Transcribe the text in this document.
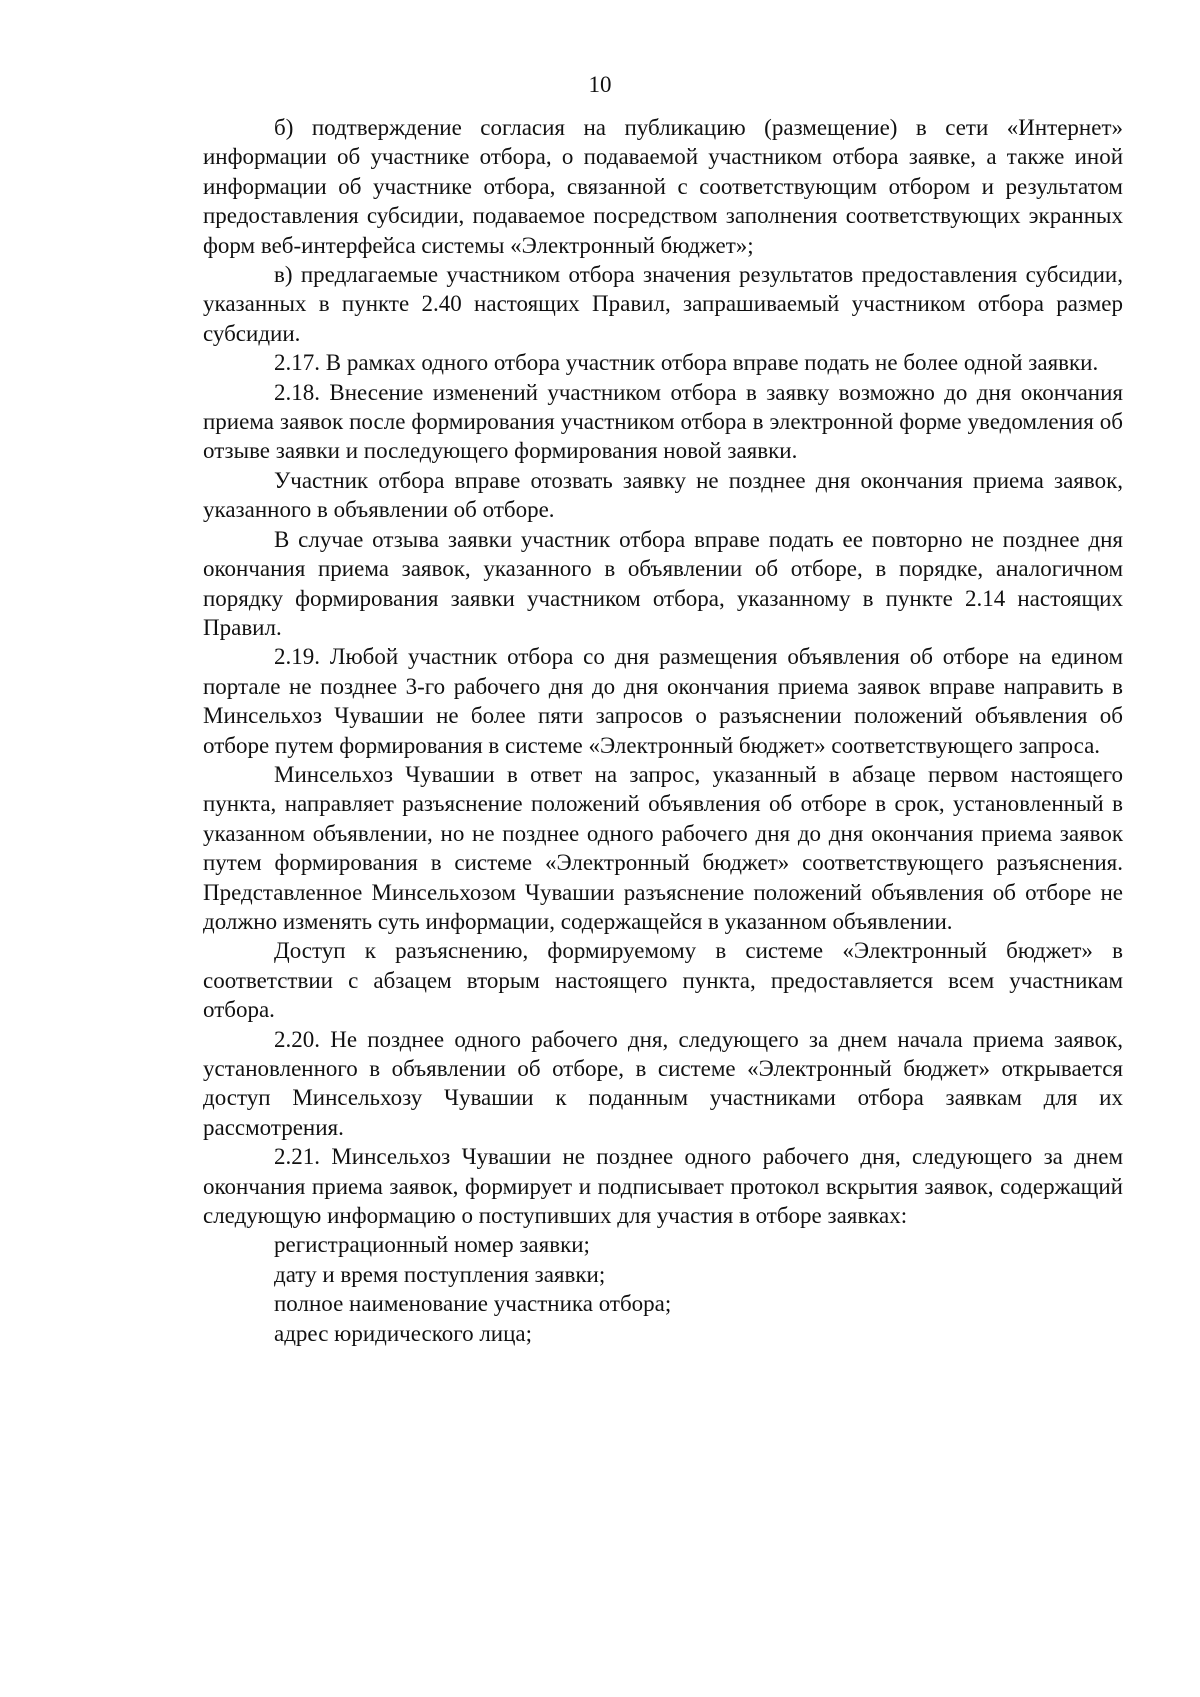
10

б) подтверждение согласия на публикацию (размещение) в сети «Интернет» информации об участнике отбора, о подаваемой участником отбора заявке, а также иной информации об участнике отбора, связанной с соответствующим отбором и результатом предоставления субсидии, подаваемое посредством заполнения соответствующих экранных форм веб-интерфейса системы «Электронный бюджет»;

в) предлагаемые участником отбора значения результатов предоставления субсидии, указанных в пункте 2.40 настоящих Правил, запрашиваемый участником отбора размер субсидии.

2.17. В рамках одного отбора участник отбора вправе подать не более одной заявки.

2.18. Внесение изменений участником отбора в заявку возможно до дня окончания приема заявок после формирования участником отбора в электронной форме уведомления об отзыве заявки и последующего формирования новой заявки.

Участник отбора вправе отозвать заявку не позднее дня окончания приема заявок, указанного в объявлении об отборе.

В случае отзыва заявки участник отбора вправе подать ее повторно не позднее дня окончания приема заявок, указанного в объявлении об отборе, в порядке, аналогичном порядку формирования заявки участником отбора, указанному в пункте 2.14 настоящих Правил.

2.19. Любой участник отбора со дня размещения объявления об отборе на едином портале не позднее 3-го рабочего дня до дня окончания приема заявок вправе направить в Минсельхоз Чувашии не более пяти запросов о разъяснении положений объявления об отборе путем формирования в системе «Электронный бюджет» соответствующего запроса.

Минсельхоз Чувашии в ответ на запрос, указанный в абзаце первом настоящего пункта, направляет разъяснение положений объявления об отборе в срок, установленный в указанном объявлении, но не позднее одного рабочего дня до дня окончания приема заявок путем формирования в системе «Электронный бюджет» соответствующего разъяснения. Представленное Минсельхозом Чувашии разъяснение положений объявления об отборе не должно изменять суть информации, содержащейся в указанном объявлении.

Доступ к разъяснению, формируемому в системе «Электронный бюджет» в соответствии с абзацем вторым настоящего пункта, предоставляется всем участникам отбора.

2.20. Не позднее одного рабочего дня, следующего за днем начала приема заявок, установленного в объявлении об отборе, в системе «Электронный бюджет» открывается доступ Минсельхозу Чувашии к поданным участниками отбора заявкам для их рассмотрения.

2.21. Минсельхоз Чувашии не позднее одного рабочего дня, следующего за днем окончания приема заявок, формирует и подписывает протокол вскрытия заявок, содержащий следующую информацию о поступивших для участия в отборе заявках:

регистрационный номер заявки;

дату и время поступления заявки;

полное наименование участника отбора;

адрес юридического лица;
